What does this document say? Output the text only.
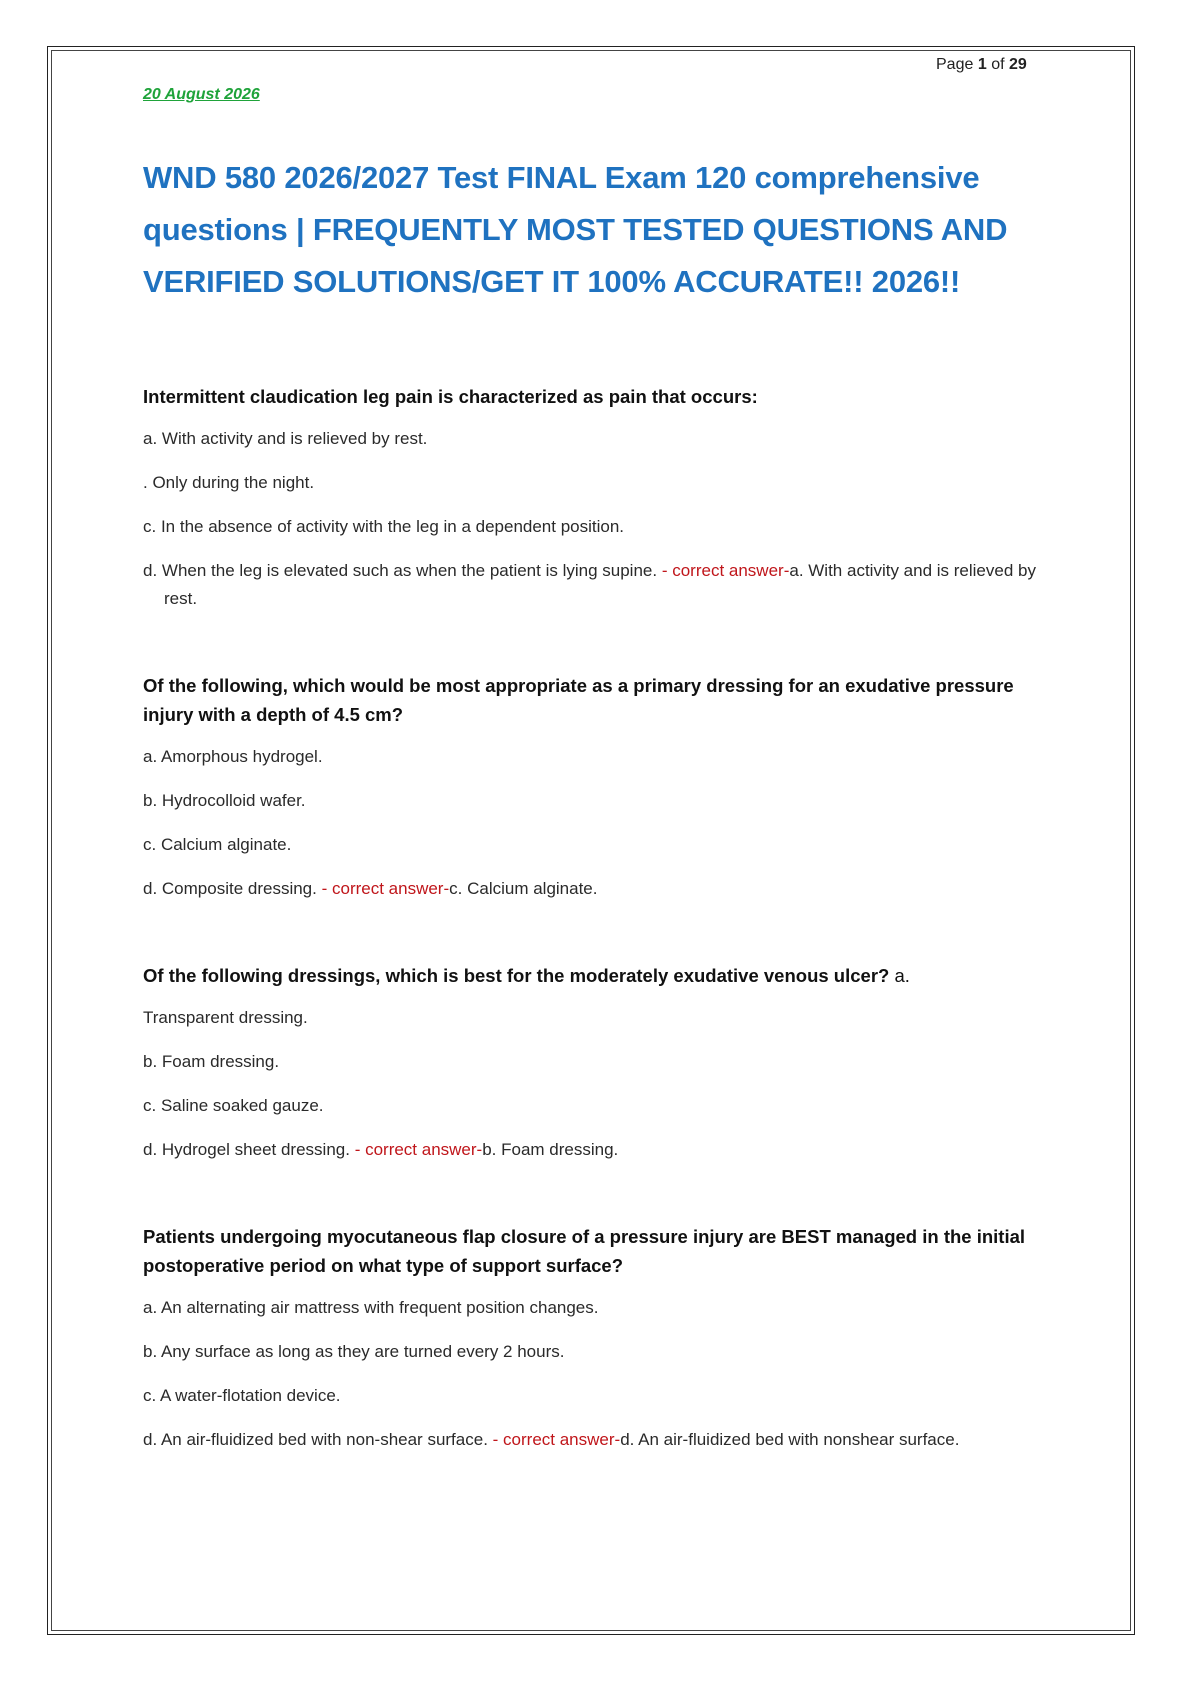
Page 1 of 29
20 August 2026
WND 580 2026/2027 Test FINAL Exam 120 comprehensive questions | FREQUENTLY MOST TESTED QUESTIONS AND VERIFIED SOLUTIONS/GET IT 100% ACCURATE!! 2026!!

Intermittent claudication leg pain is characterized as pain that occurs:

a. With activity and is relieved by rest.

. Only during the night.

c. In the absence of activity with the leg in a dependent position.

d. When the leg is elevated such as when the patient is lying supine. - correct answer-a. With activity and is relieved by rest.

Of the following, which would be most appropriate as a primary dressing for an exudative pressure injury with a depth of 4.5 cm?

a. Amorphous hydrogel.

b. Hydrocolloid wafer.

c. Calcium alginate.

d. Composite dressing. - correct answer-c. Calcium alginate.

Of the following dressings, which is best for the moderately exudative venous ulcer? a.

Transparent dressing.

b. Foam dressing.

c. Saline soaked gauze.

d. Hydrogel sheet dressing. - correct answer-b. Foam dressing.

Patients undergoing myocutaneous flap closure of a pressure injury are BEST managed in the initial postoperative period on what type of support surface?

a. An alternating air mattress with frequent position changes.

b. Any surface as long as they are turned every 2 hours.

c. A water-flotation device.

d. An air-fluidized bed with non-shear surface. - correct answer-d. An air-fluidized bed with nonshear surface.
